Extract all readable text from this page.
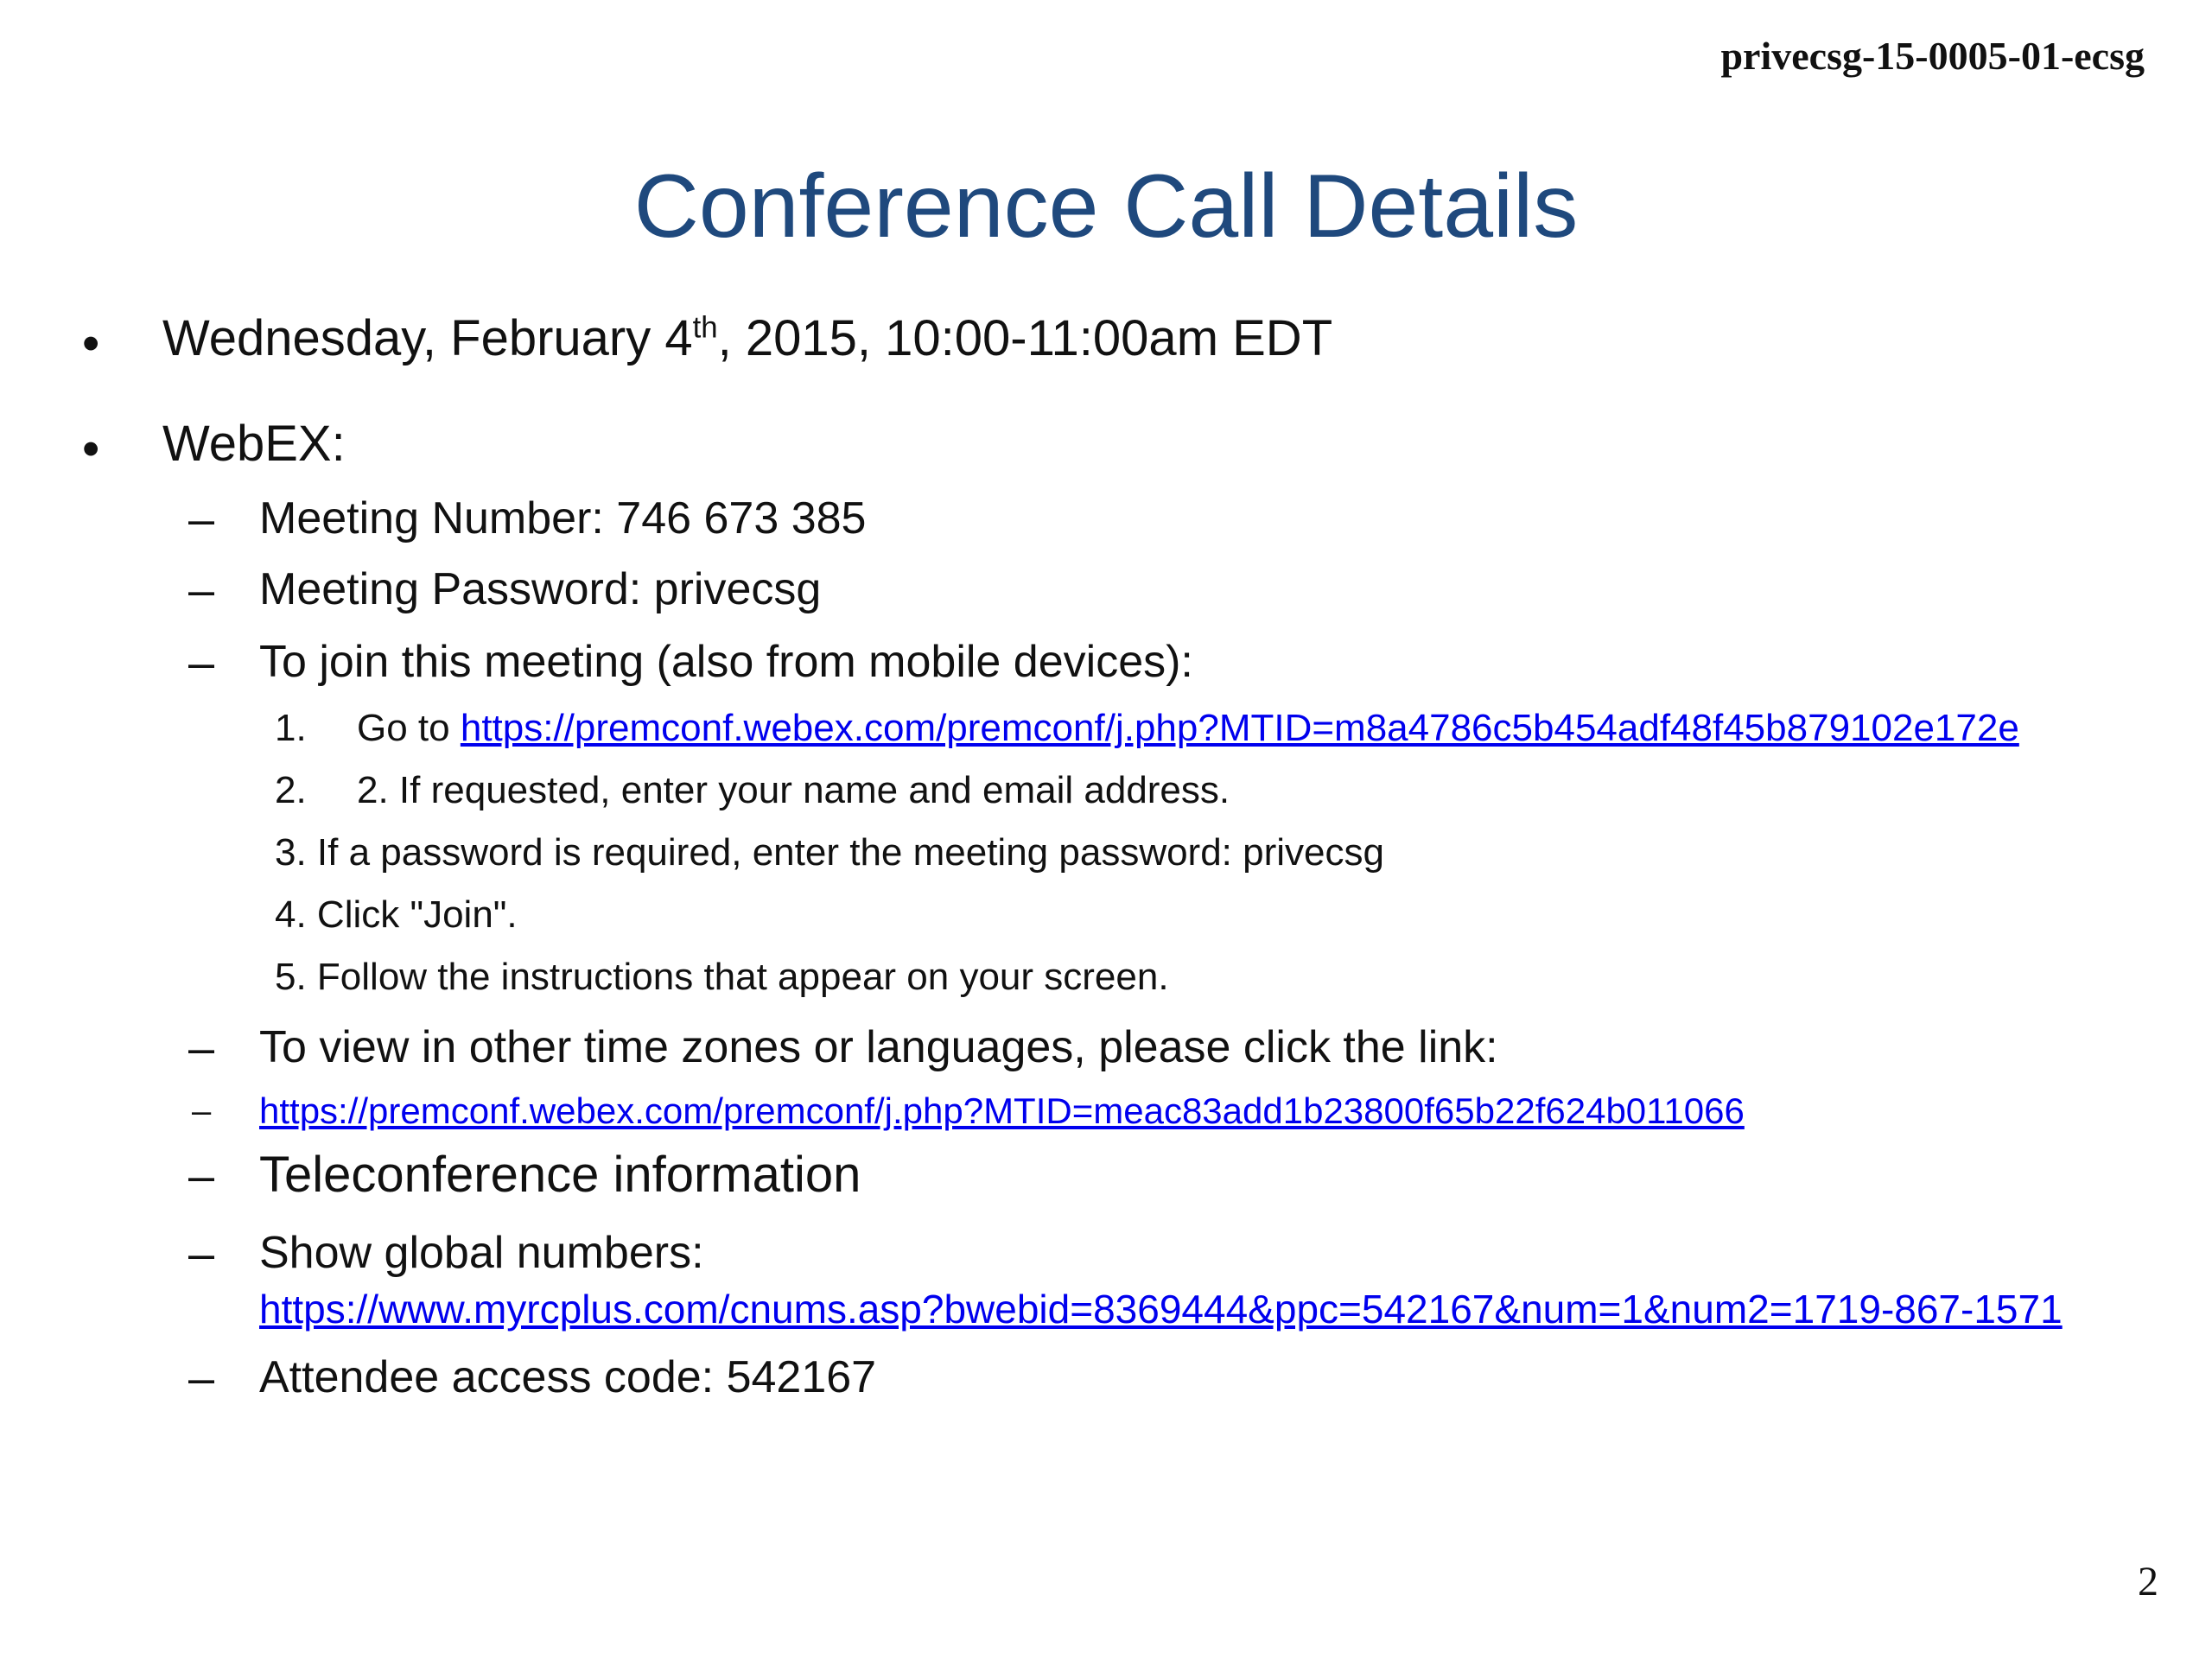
privecsg-15-0005-01-ecsg
Conference Call Details
• Wednesday, February 4th, 2015, 10:00-11:00am EDT
• WebEX:
– Meeting Number: 746 673 385
– Meeting Password: privecsg
– To join this meeting (also from mobile devices):
1. Go to https://premconf.webex.com/premconf/j.php?MTID=m8a4786c5b454adf48f45b879102e172e
2. 2. If requested, enter your name and email address.
3. If a password is required, enter the meeting password: privecsg
4. Click "Join".
5. Follow the instructions that appear on your screen.
– To view in other time zones or languages, please click the link:
– https://premconf.webex.com/premconf/j.php?MTID=meac83add1b23800f65b22f624b011066
– Teleconference information
– Show global numbers:
https://www.myrcplus.com/cnums.asp?bwebid=8369444&ppc=542167&num=1&num2=1719-867-1571
– Attendee access code: 542167
2
